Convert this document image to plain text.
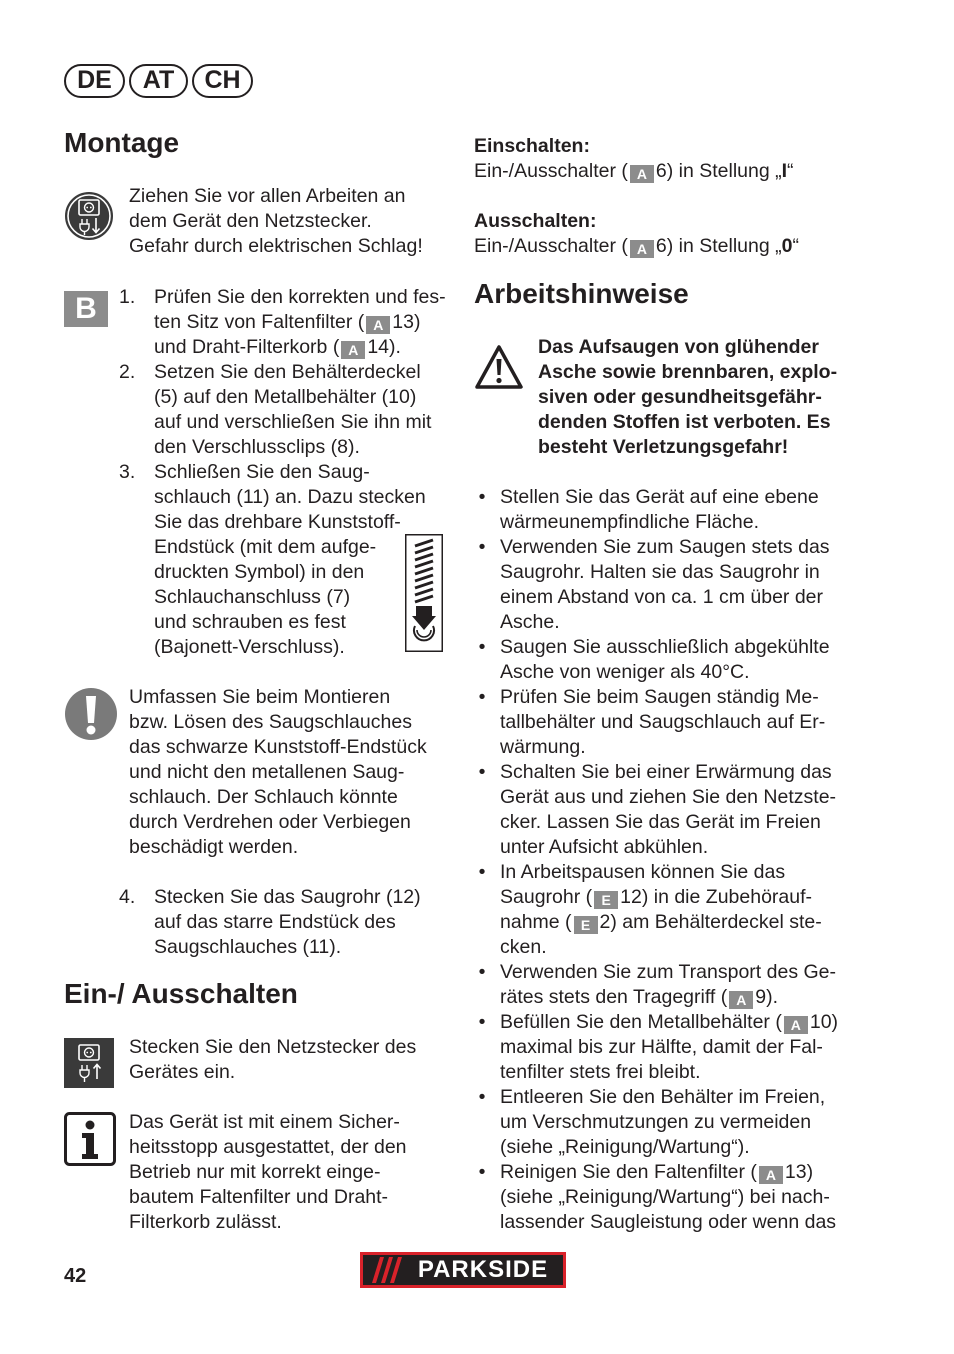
DE	AT	CH
Montage
Ziehen Sie vor allen Arbeiten an
dem Gerät den Netzstecker.
Gefahr durch elektrischen Schlag!
B	1. Prüfen Sie den korrekten und fes-
ten Sitz von Faltenfilter ( A 13)
und Draht-Filterkorb ( A 14).
2. Setzen Sie den Behälterdeckel
(5) auf den Metallbehälter (10)
auf und verschließen Sie ihn mit
den Verschlussclips (8).
3. Schließen Sie den Saug-
schlauch (11) an. Dazu stecken
Sie das drehbare Kunststoff-
Endstück (mit dem aufge-
druckten Symbol) in den
Schlauchanschluss (7)
und schrauben es fest
(Bajonett-Verschluss).
Umfassen Sie beim Montieren
bzw. Lösen des Saugschlauches
das schwarze Kunststoff-Endstück
und nicht den metallenen Saug-
schlauch. Der Schlauch könnte
durch Verdrehen oder Verbiegen
beschädigt werden.
4. Stecken Sie das Saugrohr (12)
auf das starre Endstück des
Saugschlauches (11).
Ein-/ Ausschalten
Stecken Sie den Netzstecker des
Gerätes ein.
Das Gerät ist mit einem Sicher-
heitsstopp ausgestattet, der den
Betrieb nur mit korrekt einge-
bautem Faltenfilter und Draht-
Filterkorb zulässt.
Einschalten:
Ein-/Ausschalter ( A 6) in Stellung „I“
Ausschalten:
Ein-/Ausschalter ( A 6) in Stellung „0“
Arbeitshinweise
Das Aufsaugen von glühender
Asche sowie brennbaren, explo-
siven oder gesundheitsgefähr-
denden Stoffen ist verboten. Es
besteht Verletzungsgefahr!
• Stellen Sie das Gerät auf eine ebene
wärmeunempfindliche Fläche.
• Verwenden Sie zum Saugen stets das
Saugrohr. Halten sie das Saugrohr in
einem Abstand von ca. 1 cm über der
Asche.
• Saugen Sie ausschließlich abgekühlte
Asche von weniger als 40°C.
• Prüfen Sie beim Saugen ständig Me-
tallbehälter und Saugschlauch auf Er-
wärmung.
• Schalten Sie bei einer Erwärmung das
Gerät aus und ziehen Sie den Netzste-
cker. Lassen Sie das Gerät im Freien
unter Aufsicht abkühlen.
• In Arbeitspausen können Sie das
Saugrohr ( E 12) in die Zubehörauf-
nahme ( E 2) am Behälterdeckel ste-
cken.
• Verwenden Sie zum Transport des Ge-
rätes stets den Tragegriff ( A 9).
• Befüllen Sie den Metallbehälter ( A 10)
maximal bis zur Hälfte, damit der Fal-
tenfilter stets frei bleibt.
• Entleeren Sie den Behälter im Freien,
um Verschmutzungen zu vermeiden
(siehe „Reinigung/Wartung“).
• Reinigen Sie den Faltenfilter ( A 13)
(siehe „Reinigung/Wartung“) bei nach-
lassender Saugleistung oder wenn das
42	PARKSIDE
